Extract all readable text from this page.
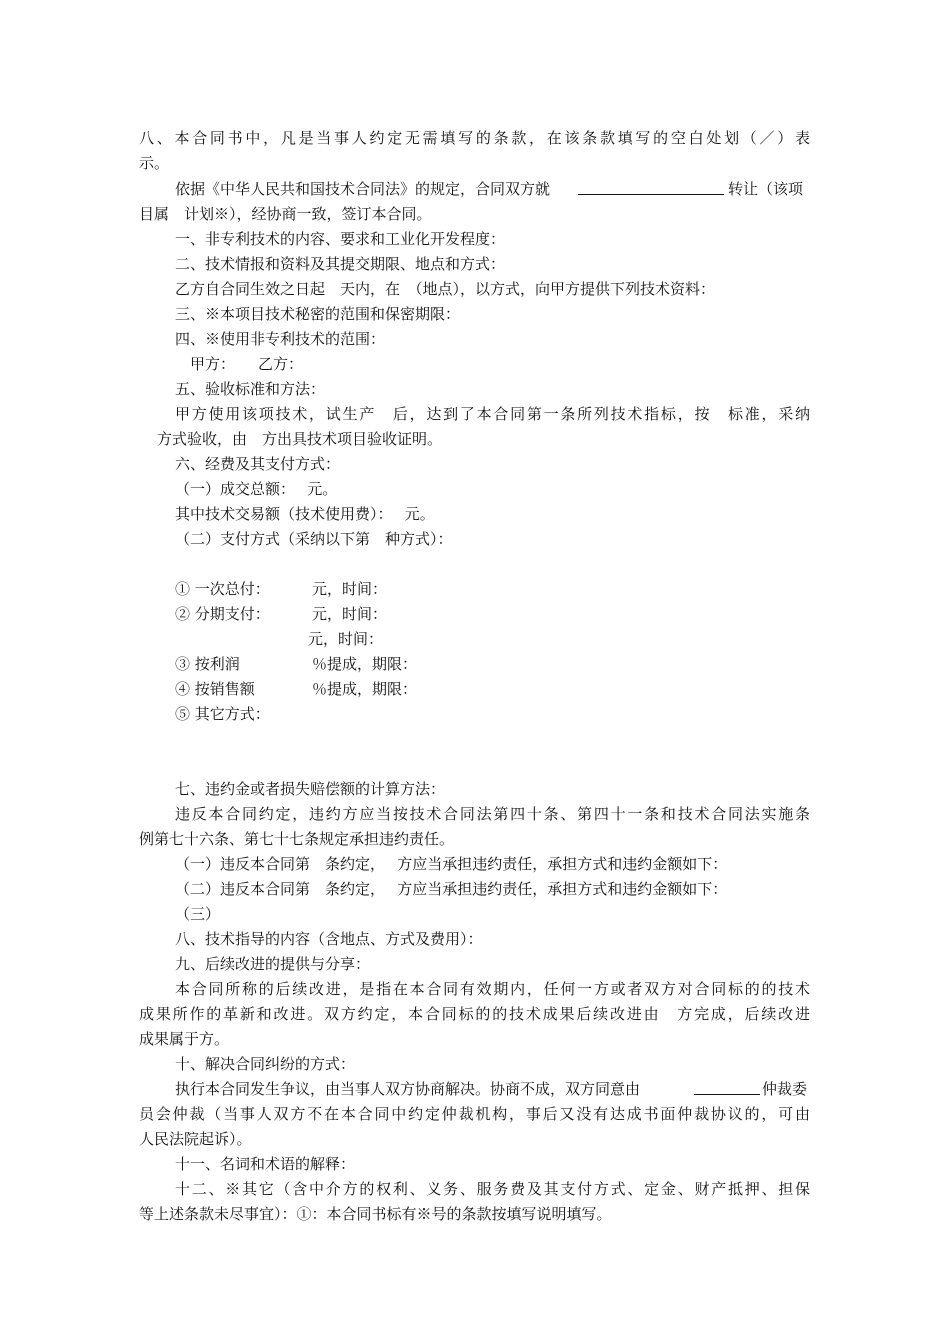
八、本合同书中，凡是当事人约定无需填写的条款，在该条款填写的空白处划（／）表
示。

依据《中华人民共和国技术合同法》的规定，合同双方就

	转让（该项

目属　计划※），经协商一致，签订本合同。
一、非专利技术的内容、要求和工业化开发程度：
二、技术情报和资料及其提交期限、地点和方式：
乙方自合同生效之日起　天内，在　（地点），以方式，向甲方提供下列技术资料：
三、※本项目技术秘密的范围和保密期限：
四、※使用非专利技术的范围：

甲方：

乙方：

五、验收标准和方法：
甲方使用该项技术，试生产　后，达到了本合同第一条所列技术指标，按　标准，采纳
方式验收，由　方出具技术项目验收证明。
六、经费及其支付方式：
（一）成交总额：　 元。
其中技术交易额（技术使用费）：　 元。
（二）支付方式（采纳以下第　种方式）：

① 一次总付：

	元，时间：

② 分期支付：

	元，时间：

元，时间：

③ 按利润

	％提成，期限：

④ 按销售额

	％提成，期限：

⑤ 其它方式：

七、违约金或者损失赔偿额的计算方法：
违反本合同约定，违约方应当按技术合同法第四十条、第四十一条和技术合同法实施条
例第七十六条、第七十七条规定承担违约责任。
（一）违反本合同第　条约定，　 方应当承担违约责任，承担方式和违约金额如下：
（二）违反本合同第　条约定，　 方应当承担违约责任，承担方式和违约金额如下：
（三）
八、技术指导的内容（含地点、方式及费用）：
九、后续改进的提供与分享：
本合同所称的后续改进，是指在本合同有效期内，任何一方或者双方对合同标的的技术
成果所作的革新和改进。双方约定，本合同标的的技术成果后续改进由　方完成，后续改进
成果属于方。
十、解决合同纠纷的方式：

执行本合同发生争议，由当事人双方协商解决。协商不成，双方同意由

	仲裁委

员会仲裁（当事人双方不在本合同中约定仲裁机构，事后又没有达成书面仲裁协议的，可由
人民法院起诉）。
十一、名词和术语的解释：
十二、※其它（含中介方的权利、义务、服务费及其支付方式、定金、财产抵押、担保
等上述条款未尽事宜）：①：本合同书标有※号的条款按填写说明填写。
